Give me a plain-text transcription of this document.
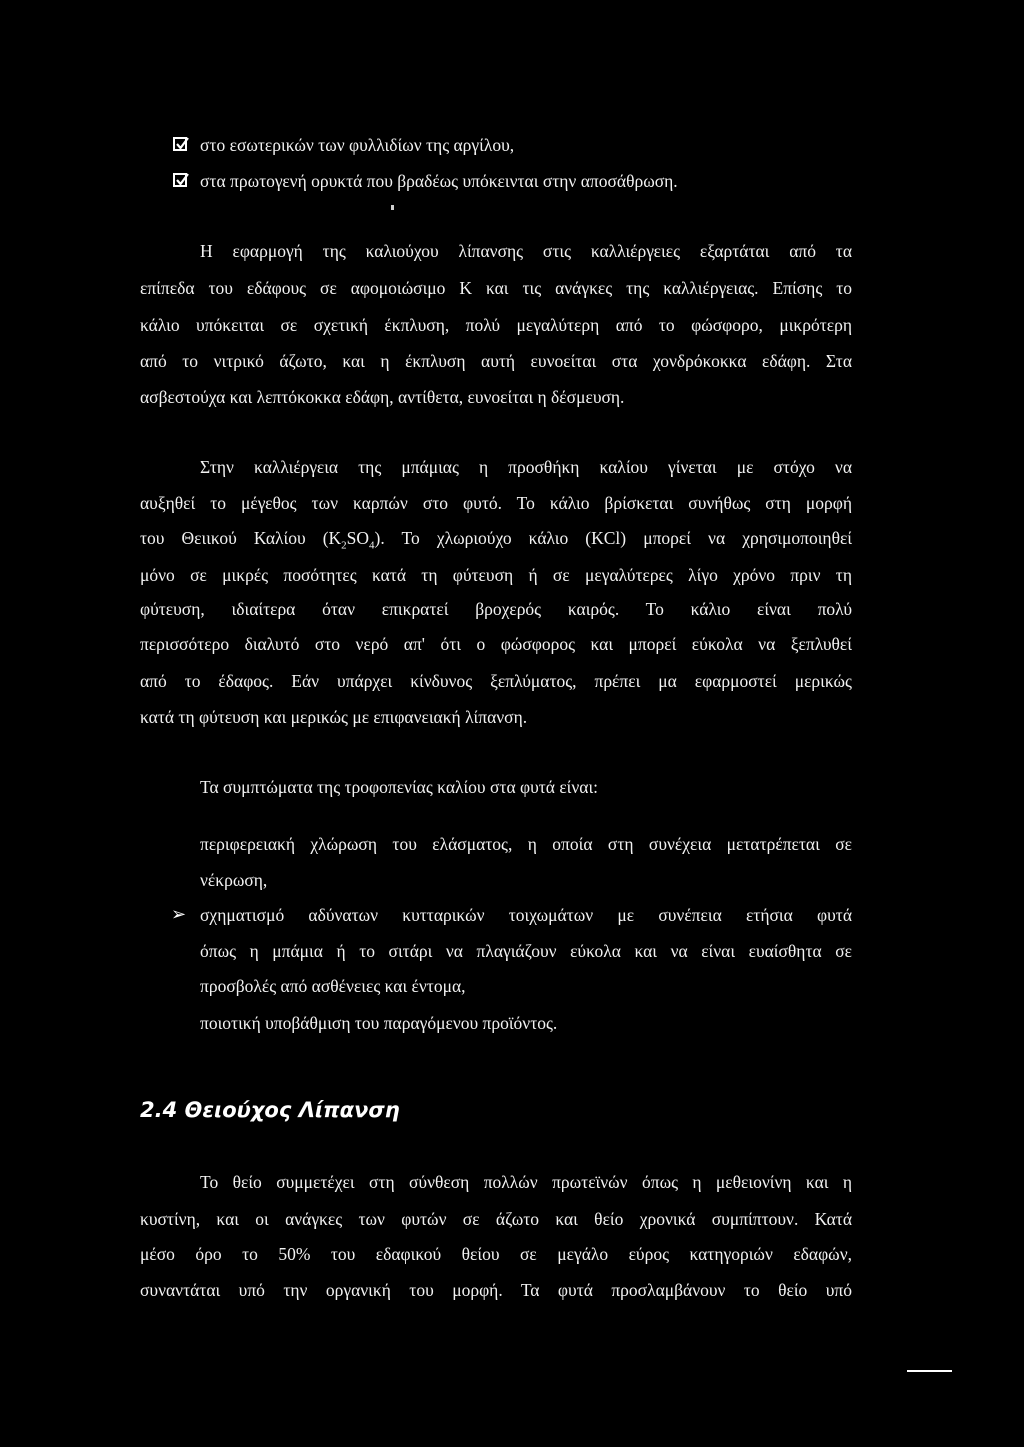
στο εσωτερικών των φυλλιδίων της αργίλου,
στα πρωτογενή ορυκτά που βραδέως υπόκεινται στην αποσάθρωση.
Η εφαρμογή της καλιούχου λίπανσης στις καλλιέργειες εξαρτάται από τα
επίπεδα του εδάφους σε αφομοιώσιμο Κ και τις ανάγκες της καλλιέργειας. Επίσης το
κάλιο υπόκειται σε σχετική έκπλυση, πολύ μεγαλύτερη από το φώσφορο, μικρότερη
από το νιτρικό άζωτο, και η έκπλυση αυτή ευνοείται στα χονδρόκοκκα εδάφη. Στα
ασβεστούχα και λεπτόκοκκα εδάφη, αντίθετα, ευνοείται η δέσμευση.
Στην καλλιέργεια της μπάμιας η προσθήκη καλίου γίνεται με στόχο να
αυξηθεί το μέγεθος των καρπών στο φυτό. Το κάλιο βρίσκεται συνήθως στη μορφή
του Θειικού Καλίου $(K_2SO_4)$. Το χλωριούχο κάλιο (KCl) μπορεί να χρησιμοποιηθεί
μόνο σε μικρές ποσότητες κατά τη φύτευση ή σε μεγαλύτερες λίγο χρόνο πριν τη
φύτευση, ιδιαίτερα όταν επικρατεί βροχερός καιρός. Το κάλιο είναι πολύ
περισσότερο διαλυτό στο νερό απ' ότι ο φώσφορος και μπορεί εύκολα να ξεπλυθεί
από το έδαφος. Εάν υπάρχει κίνδυνος ξεπλύματος, πρέπει μα εφαρμοστεί μερικώς
κατά τη φύτευση και μερικώς με επιφανειακή λίπανση.
Τα συμπτώματα της τροφοπενίας καλίου στα φυτά είναι:
περιφερειακή χλώρωση του ελάσματος, η οποία στη συνέχεια μετατρέπεται σε
νέκρωση,
➢ σχηματισμό αδύνατων κυτταρικών τοιχωμάτων με συνέπεια ετήσια φυτά
όπως η μπάμια ή το σιτάρι να πλαγιάζουν εύκολα και να είναι ευαίσθητα σε
προσβολές από ασθένειες και έντομα,
ποιοτική υποβάθμιση του παραγόμενου προϊόντος.
2.4 Θειούχος Λίπανση
Το θείο συμμετέχει στη σύνθεση πολλών πρωτεϊνών όπως η μεθειονίνη και η
κυστίνη, και οι ανάγκες των φυτών σε άζωτο και θείο χρονικά συμπίπτουν. Κατά
μέσο όρο το 50% του εδαφικού θείου σε μεγάλο εύρος κατηγοριών εδαφών,
συναντάται υπό την οργανική του μορφή. Τα φυτά προσλαμβάνουν το θείο υπό
